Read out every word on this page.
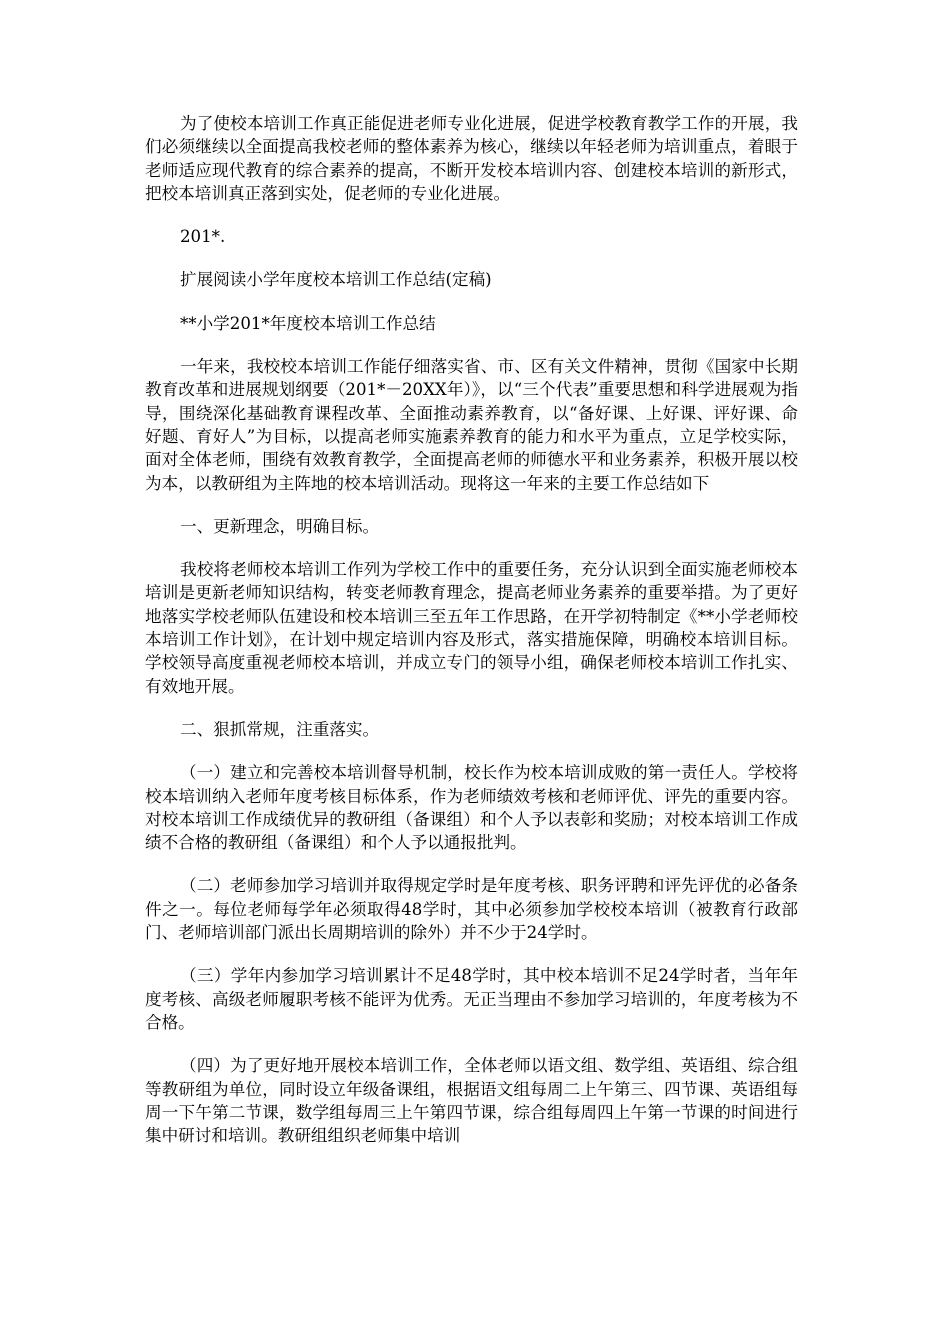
为了使校本培训工作真正能促进老师专业化进展，促进学校教育教学工作的开展，我们必须继续以全面提高我校老师的整体素养为核心，继续以年轻老师为培训重点，着眼于老师适应现代教育的综合素养的提高，不断开发校本培训内容、创建校本培训的新形式，把校本培训真正落到实处，促老师的专业化进展。

201*.

扩展阅读小学年度校本培训工作总结(定稿)

**小学201*年度校本培训工作总结

一年来，我校校本培训工作能仔细落实省、市、区有关文件精神，贯彻《国家中长期教育改革和进展规划纲要（201*－20XX年）》，以“三个代表”重要思想和科学进展观为指导，围绕深化基础教育课程改革、全面推动素养教育，以“备好课、上好课、评好课、命好题、育好人”为目标，以提高老师实施素养教育的能力和水平为重点，立足学校实际，面对全体老师，围绕有效教育教学，全面提高老师的师德水平和业务素养，积极开展以校为本，以教研组为主阵地的校本培训活动。现将这一年来的主要工作总结如下

一、更新理念，明确目标。

我校将老师校本培训工作列为学校工作中的重要任务，充分认识到全面实施老师校本培训是更新老师知识结构，转变老师教育理念，提高老师业务素养的重要举措。为了更好地落实学校老师队伍建设和校本培训三至五年工作思路，在开学初特制定《**小学老师校本培训工作计划》，在计划中规定培训内容及形式，落实措施保障，明确校本培训目标。学校领导高度重视老师校本培训，并成立专门的领导小组，确保老师校本培训工作扎实、有效地开展。

二、狠抓常规，注重落实。

（一）建立和完善校本培训督导机制，校长作为校本培训成败的第一责任人。学校将校本培训纳入老师年度考核目标体系，作为老师绩效考核和老师评优、评先的重要内容。对校本培训工作成绩优异的教研组（备课组）和个人予以表彰和奖励；对校本培训工作成绩不合格的教研组（备课组）和个人予以通报批判。

（二）老师参加学习培训并取得规定学时是年度考核、职务评聘和评先评优的必备条件之一。每位老师每学年必须取得48学时，其中必须参加学校校本培训（被教育行政部门、老师培训部门派出长周期培训的除外）并不少于24学时。

（三）学年内参加学习培训累计不足48学时，其中校本培训不足24学时者，当年年度考核、高级老师履职考核不能评为优秀。无正当理由不参加学习培训的，年度考核为不合格。

（四）为了更好地开展校本培训工作，全体老师以语文组、数学组、英语组、综合组等教研组为单位，同时设立年级备课组，根据语文组每周二上午第三、四节课、英语组每周一下午第二节课，数学组每周三上午第四节课，综合组每周四上午第一节课的时间进行集中研讨和培训。教研组组织老师集中培训
